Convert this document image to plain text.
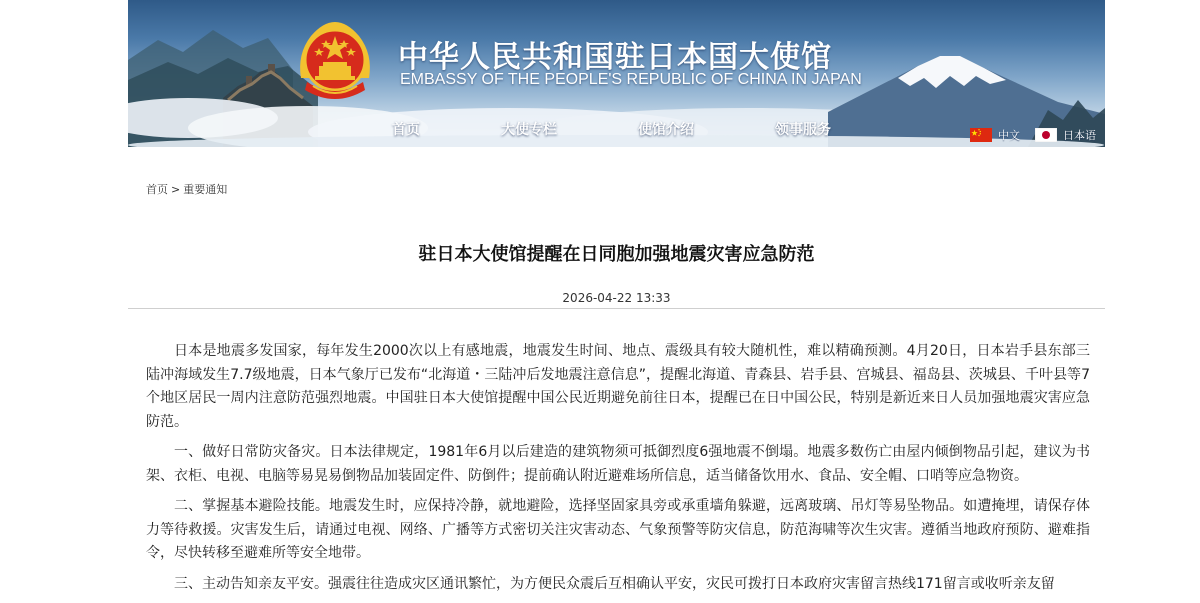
中华人民共和国驻日本国大使馆
EMBASSY OF THE PEOPLE'S REPUBLIC OF CHINA IN JAPAN
首页	大使专栏	使馆介绍	领事服务	中文	日本语
首页 > 重要通知
驻日本大使馆提醒在日同胞加强地震灾害应急防范
2026-04-22 13:33

日本是地震多发国家，每年发生2000次以上有感地震，地震发生时间、地点、震级具有较大随机性，难以精确预测。4月20日，日本岩手县东部三陆冲海域发生7.7级地震，日本气象厅已发布“北海道・三陆冲后发地震注意信息”，提醒北海道、青森县、岩手县、宫城县、福岛县、茨城县、千叶县等7个地区居民一周内注意防范强烈地震。中国驻日本大使馆提醒中国公民近期避免前往日本，提醒已在日中国公民，特别是新近来日人员加强地震灾害应急防范。

一、做好日常防灾备灾。日本法律规定，1981年6月以后建造的建筑物须可抵御烈度6强地震不倒塌。地震多数伤亡由屋内倾倒物品引起，建议为书架、衣柜、电视、电脑等易晃易倒物品加装固定件、防倒件；提前确认附近避难场所信息，适当储备饮用水、食品、安全帽、口哨等应急物资。

二、掌握基本避险技能。地震发生时，应保持冷静，就地避险，选择坚固家具旁或承重墙角躲避，远离玻璃、吊灯等易坠物品。如遭掩埋，请保存体力等待救援。灾害发生后，请通过电视、网络、广播等方式密切关注灾害动态、气象预警等防灾信息，防范海啸等次生灾害。遵循当地政府预防、避难指令，尽快转移至避难所等安全地带。

三、主动告知亲友平安。强震往往造成灾区通讯繁忙，为方便民众震后互相确认平安，灾民可拨打日本政府灾害留言热线171留言或收听亲友留
